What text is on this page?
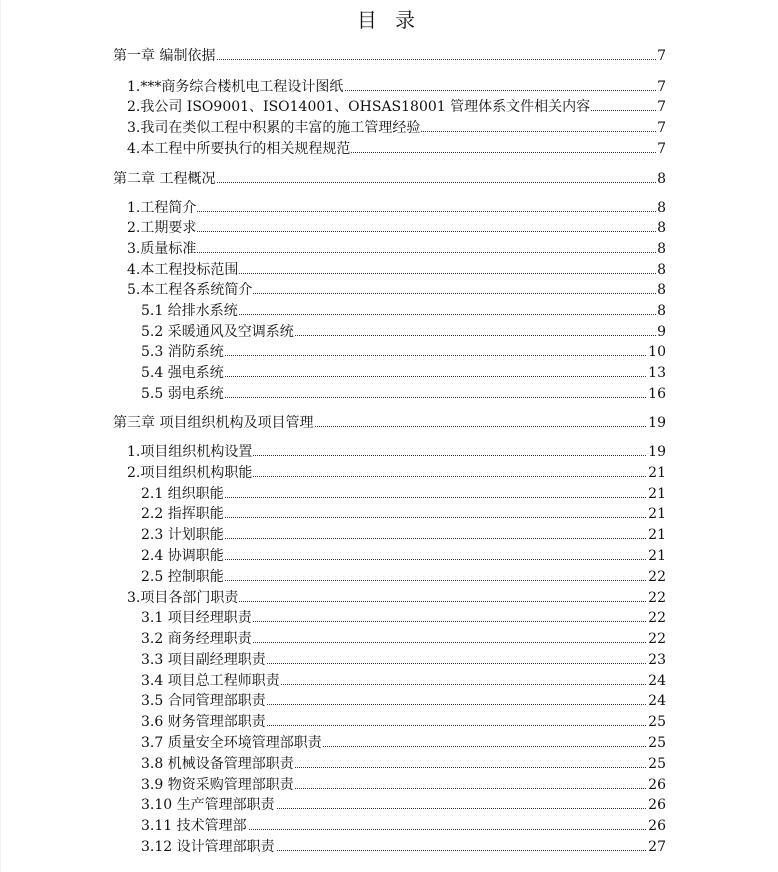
目 录
第一章 编制依据	7
1.***商务综合楼机电工程设计图纸	7
2.我公司 ISO9001、ISO14001、OHSAS18001 管理体系文件相关内容	7
3.我司在类似工程中积累的丰富的施工管理经验	7
4.本工程中所要执行的相关规程规范	7
第二章 工程概况	8
1.工程简介	8
2.工期要求	8
3.质量标准	8
4.本工程投标范围	8
5.本工程各系统简介	8
5.1 给排水系统	8
5.2 采暖通风及空调系统	9
5.3 消防系统	10
5.4 强电系统	13
5.5 弱电系统	16
第三章 项目组织机构及项目管理	19
1.项目组织机构设置	19
2.项目组织机构职能	21
2.1 组织职能	21
2.2 指挥职能	21
2.3 计划职能	21
2.4 协调职能	21
2.5 控制职能	22
3.项目各部门职责	22
3.1 项目经理职责	22
3.2 商务经理职责	22
3.3 项目副经理职责	23
3.4 项目总工程师职责	24
3.5 合同管理部职责	24
3.6 财务管理部职责	25
3.7 质量安全环境管理部职责	25
3.8 机械设备管理部职责	25
3.9 物资采购管理部职责	26
3.10 生产管理部职责	26
3.11 技术管理部	26
3.12 设计管理部职责	27
